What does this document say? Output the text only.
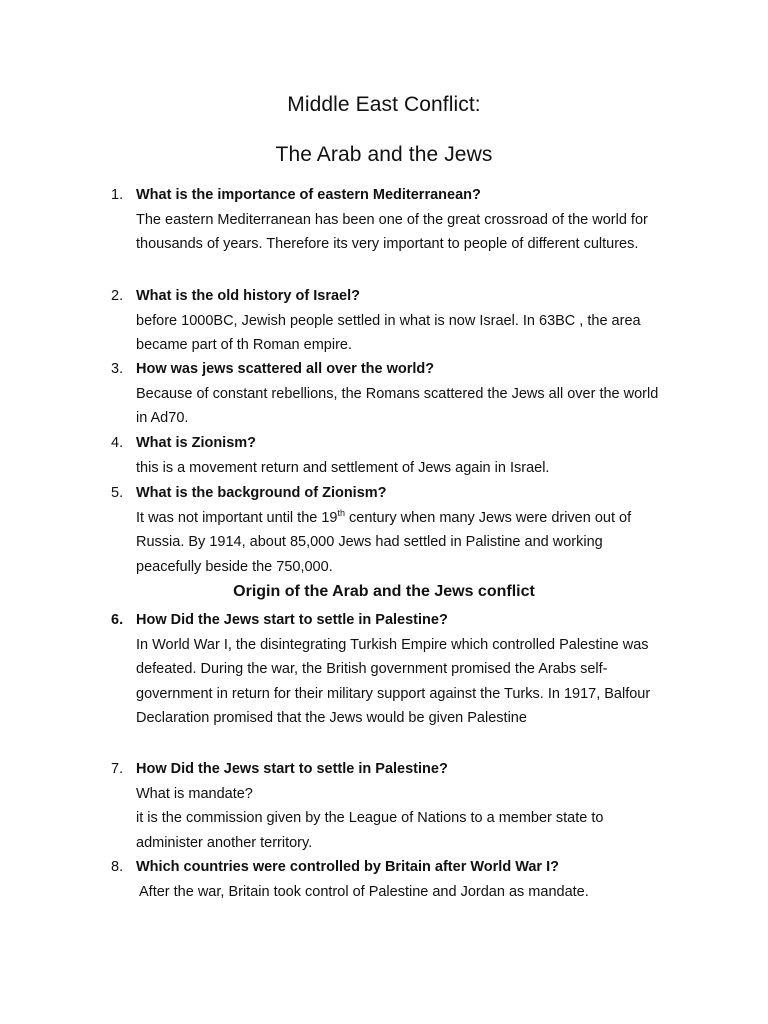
Middle East Conflict:
The Arab and the Jews
1. What is the importance of eastern Mediterranean?
The eastern Mediterranean has been one of the great crossroad of the world for thousands of years. Therefore its very important to people of different cultures.
2. What is the old history of Israel?
before 1000BC, Jewish people settled in what is now Israel. In 63BC , the area became part of th Roman empire.
3. How was jews scattered all over the world?
Because of constant rebellions, the Romans scattered the Jews all over the world in Ad70.
4. What is Zionism?
this is a movement return and settlement of Jews again in Israel.
5. What is the background of Zionism?
It was not important until the 19th century when many Jews were driven out of Russia. By 1914, about 85,000 Jews had settled in Palistine and working peacefully beside the 750,000.
Origin of the Arab and the Jews conflict
6. How Did the Jews start to settle in Palestine?
In World War I, the disintegrating Turkish Empire which controlled Palestine was defeated. During the war, the British government promised the Arabs self-government in return for their military support against the Turks. In 1917, Balfour Declaration promised that the Jews would be given Palestine
7. How Did the Jews start to settle in Palestine?
What is mandate?
it is the commission given by the League of Nations to a member state to administer another territory.
8. Which countries were controlled by Britain after World War I?
After the war, Britain took control of Palestine and Jordan as mandate.
